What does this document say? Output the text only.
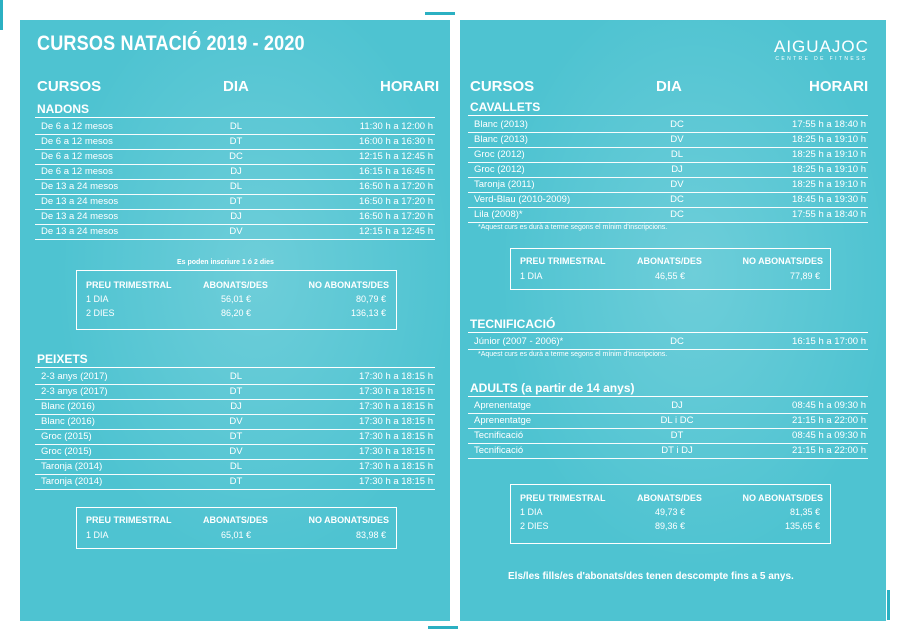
CURSOS NATACIÓ 2019 - 2020
CURSOS	DIA	HORARI
NADONS
De 6 a 12 mesos	DL	11:30 h a 12:00 h
De 6 a 12 mesos	DT	16:00 h a 16:30 h
De 6 a 12 mesos	DC	12:15 h a 12:45 h
De 6 a 12 mesos	DJ	16:15 h a 16:45 h
De 13 a 24 mesos	DL	16:50 h a 17:20 h
De 13 a 24 mesos	DT	16:50 h a 17:20 h
De 13 a 24 mesos	DJ	16:50 h a 17:20 h
De 13 a 24 mesos	DV	12:15 h a 12:45 h
Es poden inscriure 1 ó 2 dies
PREU TRIMESTRAL	ABONATS/DES	NO ABONATS/DES
1 DIA	56,01 €	80,79 €
2 DIES	86,20 €	136,13 €
PEIXETS
2-3 anys (2017)	DL	17:30 h a 18:15 h
2-3 anys (2017)	DT	17:30 h a 18:15 h
Blanc (2016)	DJ	17:30 h a 18:15 h
Blanc (2016)	DV	17:30 h a 18:15 h
Groc (2015)	DT	17:30 h a 18:15 h
Groc (2015)	DV	17:30 h a 18:15 h
Taronja (2014)	DL	17:30 h a 18:15 h
Taronja (2014)	DT	17:30 h a 18:15 h
PREU TRIMESTRAL	ABONATS/DES	NO ABONATS/DES
1 DIA	65,01 €	83,98 €
AIGUAJOC
CENTRE DE FITNESS
CURSOS	DIA	HORARI
CAVALLETS
Blanc (2013)	DC	17:55 h a 18:40 h
Blanc (2013)	DV	18:25 h a 19:10 h
Groc (2012)	DL	18:25 h a 19:10 h
Groc (2012)	DJ	18:25 h a 19:10 h
Taronja (2011)	DV	18:25 h a 19:10 h
Verd-Blau (2010-2009)	DC	18:45 h a 19:30 h
Lila (2008)*	DC	17:55 h a 18:40 h
*Aquest curs es durà a terme segons el mínim d'inscripcions.
PREU TRIMESTRAL	ABONATS/DES	NO ABONATS/DES
1 DIA	46,55 €	77,89 €
TECNIFICACIÓ
Júnior (2007 - 2006)*	DC	16:15 h a 17:00 h
*Aquest curs es durà a terme segons el mínim d'inscripcions.
ADULTS (a partir de 14 anys)
Aprenentatge	DJ	08:45 h a 09:30 h
Aprenentatge	DL i DC	21:15 h a 22:00 h
Tecnificació	DT	08:45 h a 09:30 h
Tecnificació	DT i DJ	21:15 h a 22:00 h
PREU TRIMESTRAL	ABONATS/DES	NO ABONATS/DES
1 DIA	49,73 €	81,35 €
2 DIES	89,36 €	135,65 €
Els/les fills/es d'abonats/des tenen descompte fins a 5 anys.
